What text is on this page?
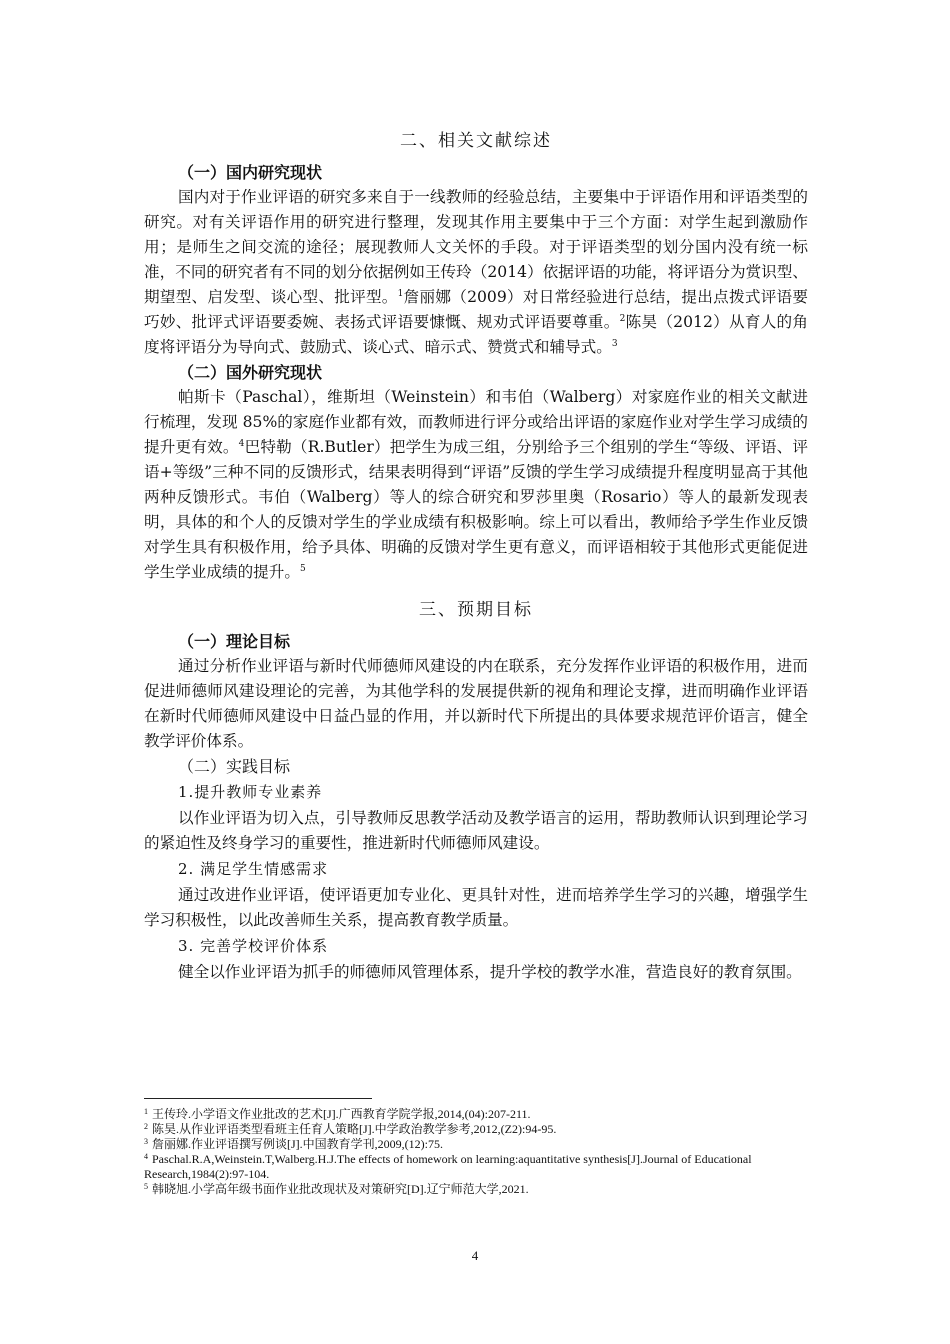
二、相关文献综述
（一）国内研究现状

国内对于作业评语的研究多来自于一线教师的经验总结，主要集中于评语作用和评语类型的研究。对有关评语作用的研究进行整理，发现其作用主要集中于三个方面：对学生起到激励作用；是师生之间交流的途径；展现教师人文关怀的手段。对于评语类型的划分国内没有统一标准，不同的研究者有不同的划分依据例如王传玲（2014）依据评语的功能，将评语分为赏识型、期望型、启发型、谈心型、批评型。$^1$詹丽娜（2009）对日常经验进行总结，提出点拨式评语要巧妙、批评式评语要委婉、表扬式评语要慷慨、规劝式评语要尊重。$^2$陈昊（2012）从育人的角度将评语分为导向式、鼓励式、谈心式、暗示式、赞赏式和辅导式。$^3$

（二）国外研究现状

帕斯卡（Paschal），维斯坦（Weinstein）和韦伯（Walberg）对家庭作业的相关文献进行梳理，发现 85%的家庭作业都有效，而教师进行评分或给出评语的家庭作业对学生学习成绩的提升更有效。$^4$巴特勒（R.Butler）把学生为成三组，分别给予三个组别的学生“等级、评语、评语+等级”三种不同的反馈形式，结果表明得到“评语”反馈的学生学习成绩提升程度明显高于其他两种反馈形式。韦伯（Walberg）等人的综合研究和罗莎里奥（Rosario）等人的最新发现表明，具体的和个人的反馈对学生的学业成绩有积极影响。综上可以看出，教师给予学生作业反馈对学生具有积极作用，给予具体、明确的反馈对学生更有意义，而评语相较于其他形式更能促进学生学业成绩的提升。$^5$

三、预期目标
（一）理论目标

通过分析作业评语与新时代师德师风建设的内在联系，充分发挥作业评语的积极作用，进而促进师德师风建设理论的完善，为其他学科的发展提供新的视角和理论支撑，进而明确作业评语在新时代师德师风建设中日益凸显的作用，并以新时代下所提出的具体要求规范评价语言，健全教学评价体系。

（二）实践目标
1.提升教师专业素养

以作业评语为切入点，引导教师反思教学活动及教学语言的运用，帮助教师认识到理论学习的紧迫性及终身学习的重要性，推进新时代师德师风建设。

2. 满足学生情感需求

通过改进作业评语，使评语更加专业化、更具针对性，进而培养学生学习的兴趣，增强学生学习积极性，以此改善师生关系，提高教育教学质量。

3. 完善学校评价体系

健全以作业评语为抓手的师德师风管理体系，提升学校的教学水准，营造良好的教育氛围。

$^1$ 王传玲.小学语文作业批改的艺术[J].广西教育学院学报,2014,(04):207-211.

$^2$ 陈昊.从作业评语类型看班主任育人策略[J].中学政治教学参考,2012,(Z2):94-95.

$^3$ 詹丽娜.作业评语撰写例谈[J].中国教育学刊,2009,(12):75.

$^4$ Paschal.R.A,Weinstein.T,Walberg.H.J.The effects of homework on learning:aquantitative synthesis[J].Journal of Educational Research,1984(2):97-104.

$^5$ 韩晓旭.小学高年级书面作业批改现状及对策研究[D].辽宁师范大学,2021.

4
